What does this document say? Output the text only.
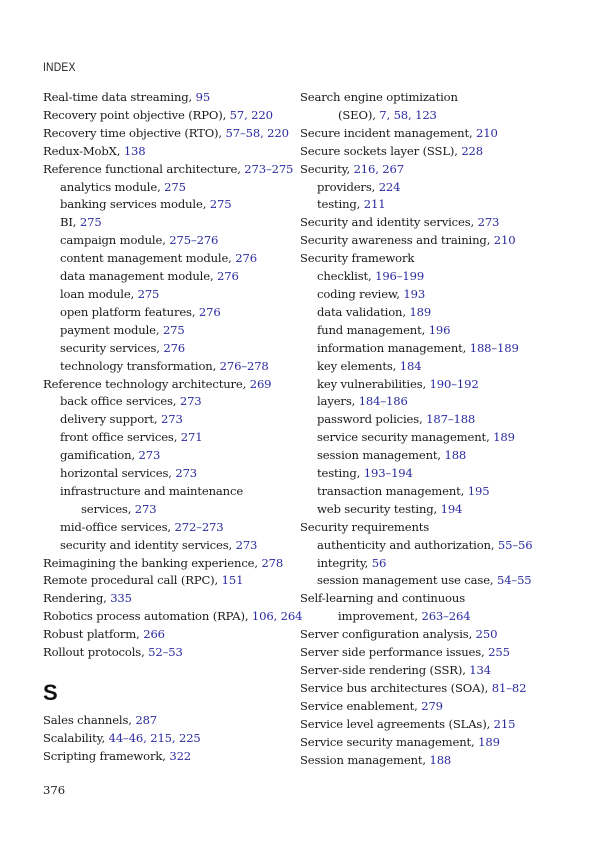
INDEX
Real-time data streaming, 95
Recovery point objective (RPO), 57, 220
Recovery time objective (RTO), 57–58, 220
Redux-MobX, 138
Reference functional architecture, 273–275
analytics module, 275
banking services module, 275
BI, 275
campaign module, 275–276
content management module, 276
data management module, 276
loan module, 275
open platform features, 276
payment module, 275
security services, 276
technology transformation, 276–278
Reference technology architecture, 269
back office services, 273
delivery support, 273
front office services, 271
gamification, 273
horizontal services, 273
infrastructure and maintenance
services, 273
mid-office services, 272–273
security and identity services, 273
Reimagining the banking experience, 278
Remote procedural call (RPC), 151
Rendering, 335
Robotics process automation (RPA), 106, 264
Robust platform, 266
Rollout protocols, 52–53
S
Sales channels, 287
Scalability, 44–46, 215, 225
Scripting framework, 322
Search engine optimization
(SEO), 7, 58, 123
Secure incident management, 210
Secure sockets layer (SSL), 228
Security, 216, 267
providers, 224
testing, 211
Security and identity services, 273
Security awareness and training, 210
Security framework
checklist, 196–199
coding review, 193
data validation, 189
fund management, 196
information management, 188–189
key elements, 184
key vulnerabilities, 190–192
layers, 184–186
password policies, 187–188
service security management, 189
session management, 188
testing, 193–194
transaction management, 195
web security testing, 194
Security requirements
authenticity and authorization, 55–56
integrity, 56
session management use case, 54–55
Self-learning and continuous
improvement, 263–264
Server configuration analysis, 250
Server side performance issues, 255
Server-side rendering (SSR), 134
Service bus architectures (SOA), 81–82
Service enablement, 279
Service level agreements (SLAs), 215
Service security management, 189
Session management, 188
376
